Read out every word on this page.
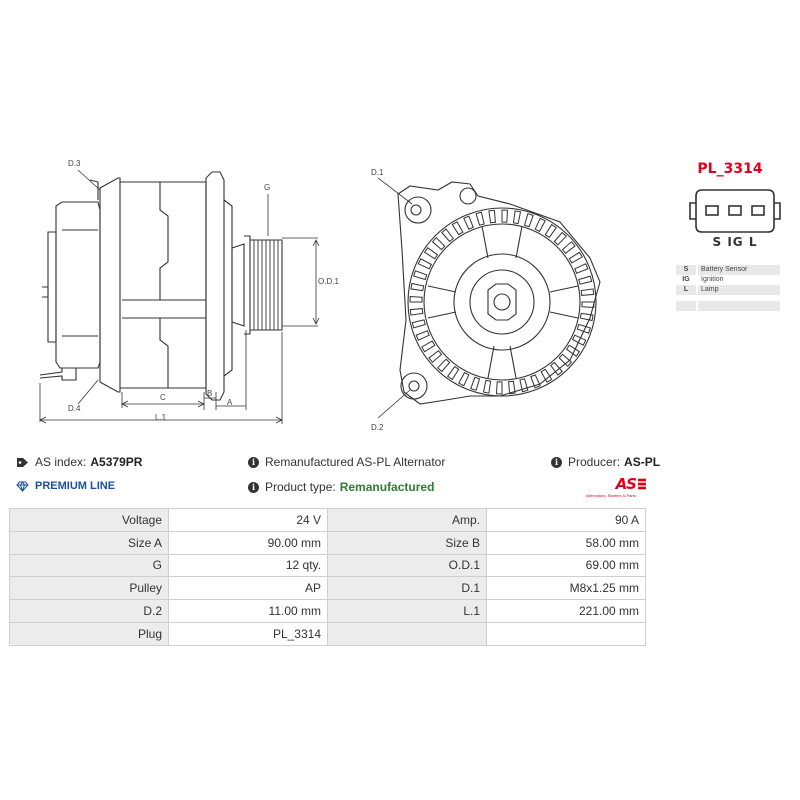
D.3
D.4
G
O.D.1
C	B
A
L.1
D.1
D.2
PL_3314
S IG L
S	Battery Sensor
IG	Ignition
L	Lamp
AS index: A5379PR
PREMIUM LINE
i Remanufactured AS-PL Alternator
i Product type: Remanufactured
i Producer: AS-PL
AS
Alternators, Starters & Parts
Voltage	24 V	Amp.	90 A
Size A	90.00 mm	Size B	58.00 mm
G	12 qty.	O.D.1	69.00 mm
Pulley	AP	D.1	M8x1.25 mm
D.2	11.00 mm	L.1	221.00 mm
Plug	PL_3314		
